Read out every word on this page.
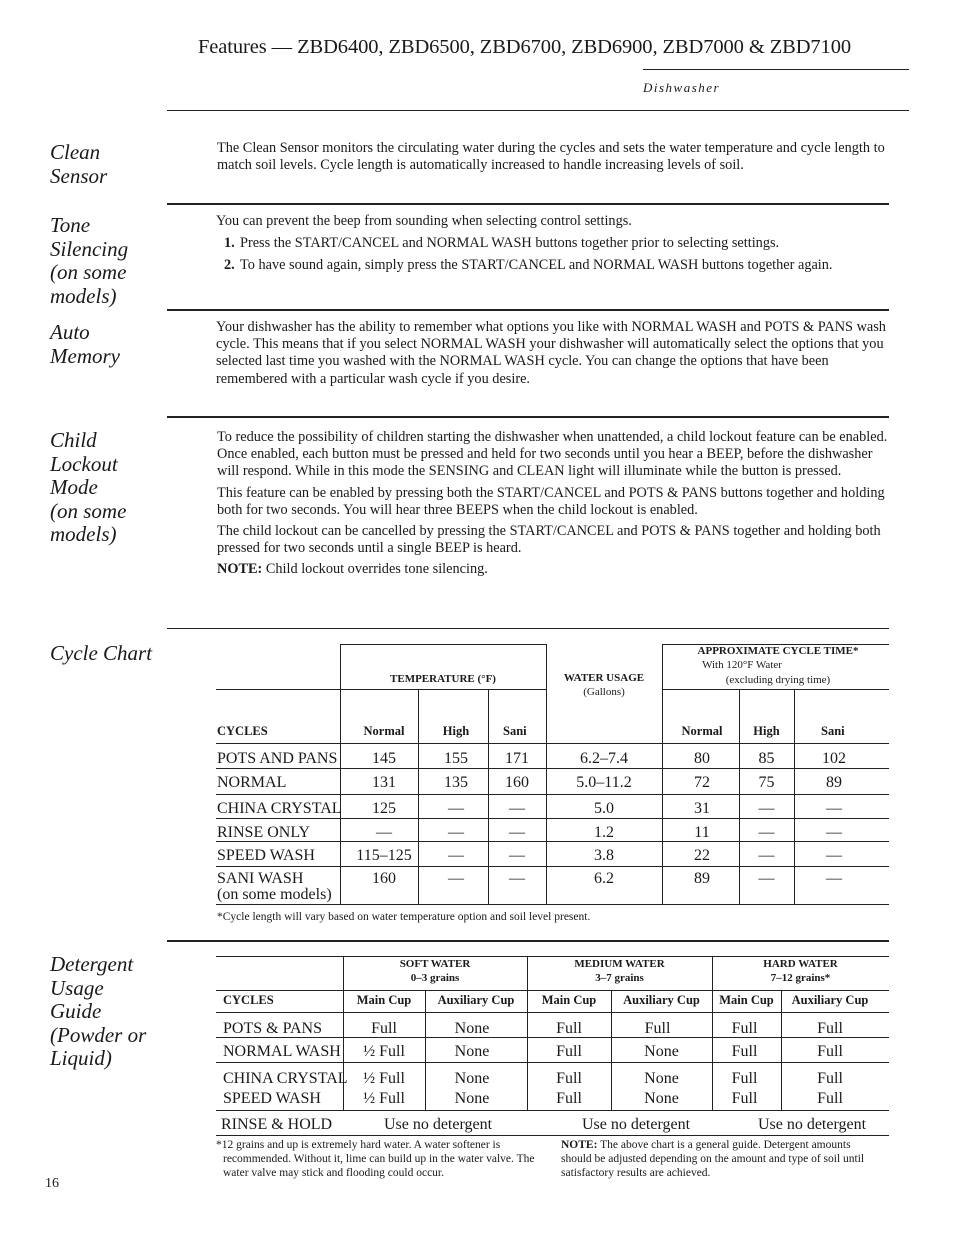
Features — ZBD6400, ZBD6500, ZBD6700, ZBD6900, ZBD7000 & ZBD7100
Dishwasher
Clean
Sensor
The Clean Sensor monitors the circulating water during the cycles and sets the water temperature and cycle length to match soil levels. Cycle length is automatically increased to handle increasing levels of soil.
Tone
Silencing
(on some
models)
You can prevent the beep from sounding when selecting control settings.
1. Press the START/CANCEL and NORMAL WASH buttons together prior to selecting settings.
2. To have sound again, simply press the START/CANCEL and NORMAL WASH buttons together again.
Auto
Memory
Your dishwasher has the ability to remember what options you like with NORMAL WASH and POTS & PANS wash cycle. This means that if you select NORMAL WASH your dishwasher will automatically select the options that you selected last time you washed with the NORMAL WASH cycle. You can change the options that have been remembered with a particular wash cycle if you desire.
Child
Lockout
Mode
(on some
models)

To reduce the possibility of children starting the dishwasher when unattended, a child lockout feature can be enabled. Once enabled, each button must be pressed and held for two seconds until you hear a BEEP, before the dishwasher will respond. While in this mode the SENSING and CLEAN light will illuminate while the button is pressed.

This feature can be enabled by pressing both the START/CANCEL and POTS & PANS buttons together and holding both for two seconds. You will hear three BEEPS when the child lockout is enabled.

The child lockout can be cancelled by pressing the START/CANCEL and POTS & PANS together and holding both pressed for two seconds until a single BEEP is heard.

NOTE: Child lockout overrides tone silencing.

Cycle Chart
TEMPERATURE (°F)	WATER USAGE
(Gallons)
APPROXIMATE CYCLE TIME*
With 120°F Water
(excluding drying time)
CYCLES	Normal	High	Sani	Normal	High	Sani
POTS AND PANS	145	155	171	6.2–7.4	80	85	102
NORMAL	131	135	160	5.0–11.2	72	75	89
CHINA CRYSTAL	125	—	—	5.0	31	—	—
RINSE ONLY	—	—	—	1.2	11	—	—
SPEED WASH	115–125	—	—	3.8	22	—	—
SANI WASH
(on some models)
160	—	—	6.2	89	—	—
*Cycle length will vary based on water temperature option and soil level present.
Detergent
Usage
Guide
(Powder or
Liquid)
SOFT WATER
0–3 grains
MEDIUM WATER
3–7 grains
HARD WATER
7–12 grains*
CYCLES	Main Cup	Auxiliary Cup	Main Cup	Auxiliary Cup	Main Cup	Auxiliary Cup
POTS & PANS	Full	None	Full	Full	Full	Full
NORMAL WASH	½ Full	None	Full	None	Full	Full
CHINA CRYSTAL ½ Full	None	Full	None	Full	Full
SPEED WASH	½ Full	None	Full	None	Full	Full
RINSE & HOLD	Use no detergent	Use no detergent	Use no detergent
*12 grains and up is extremely hard water. A water softener is recommended. Without it, lime can build up in the water valve. The water valve may stick and flooding could occur.
NOTE: The above chart is a general guide. Detergent amounts should be adjusted depending on the amount and type of soil until satisfactory results are achieved.
16
